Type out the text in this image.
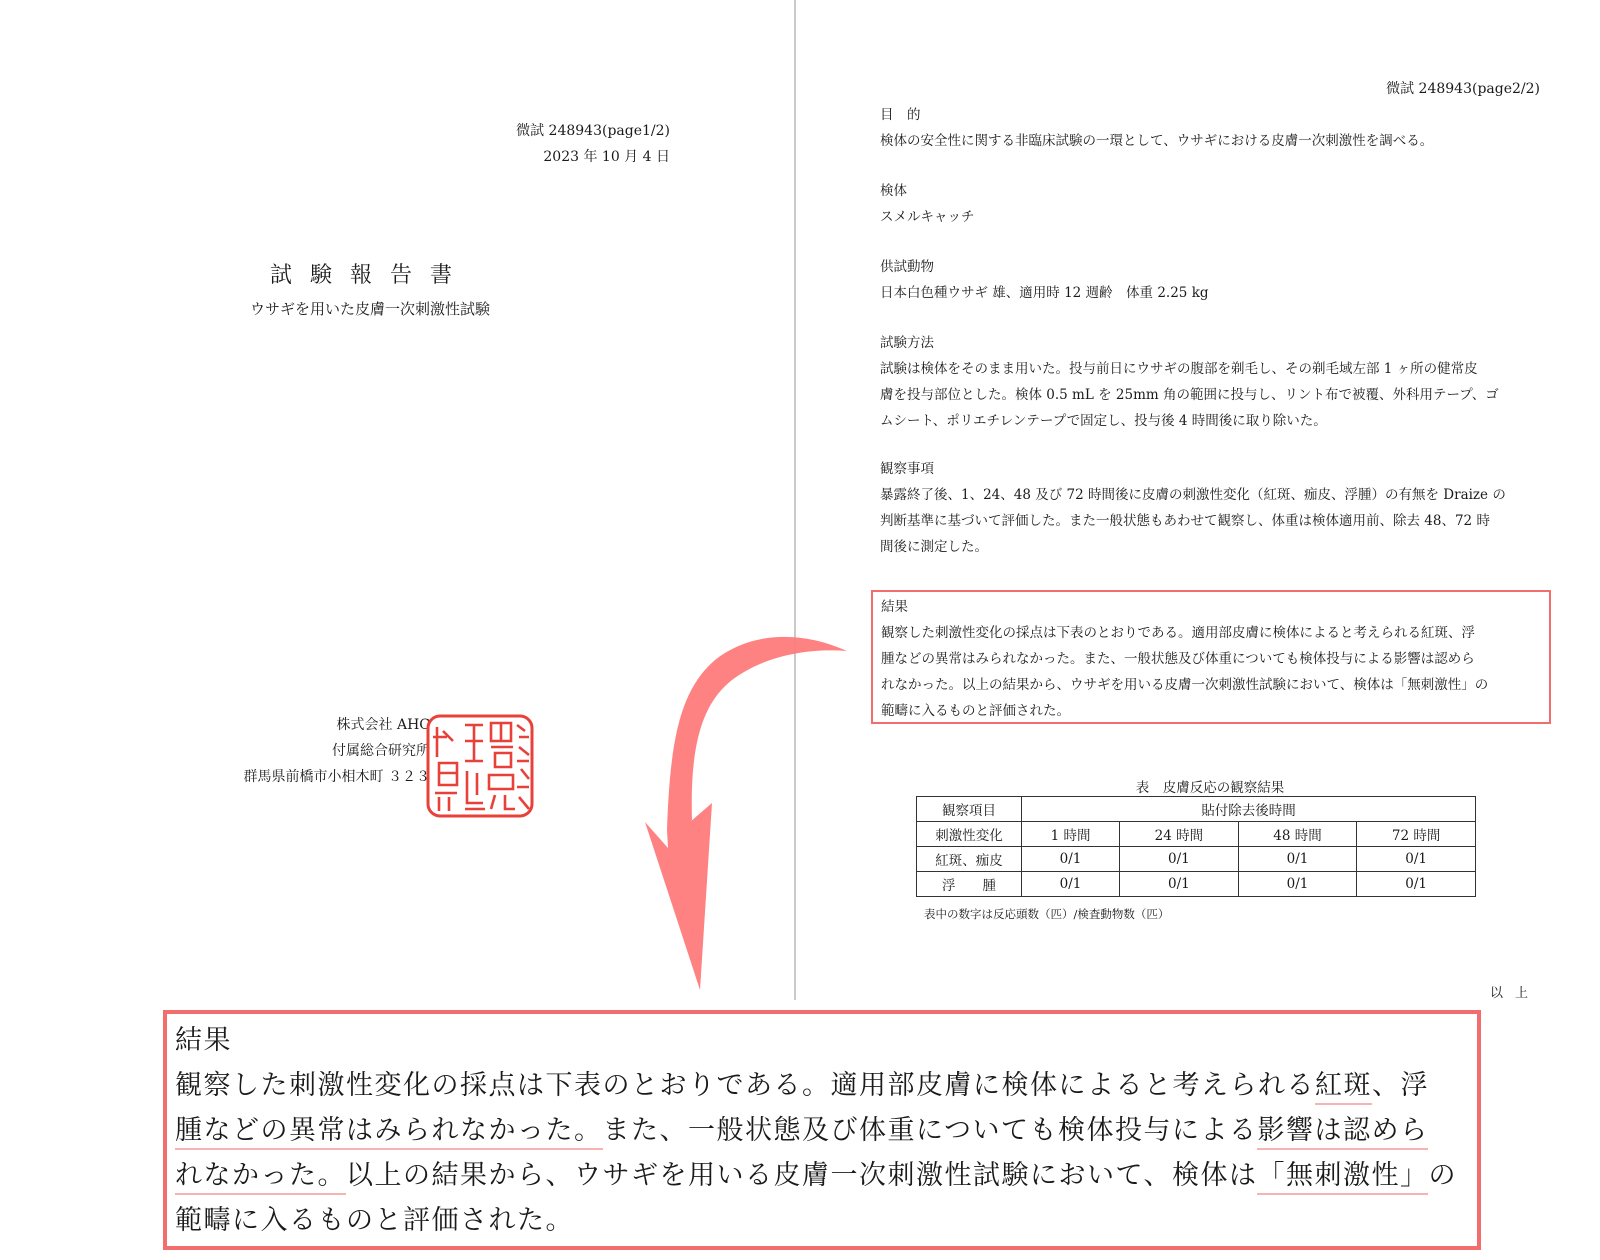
微試 248943(page1/2)
2023 年 10 月 4 日
試験報告書
ウサギを用いた皮膚一次刺激性試験
株式会社 AHC
付属総合研究所
群馬県前橋市小相木町 ３２３
微試 248943(page2/2)
目　的
検体の安全性に関する非臨床試験の一環として、ウサギにおける皮膚一次刺激性を調べる。
検体
スメルキャッチ
供試動物
日本白色種ウサギ 雄、適用時 12 週齢　体重 2.25 kg
試験方法
試験は検体をそのまま用いた。投与前日にウサギの腹部を剃毛し、その剃毛域左部 1 ヶ所の健常皮
膚を投与部位とした。検体 0.5 mL を 25mm 角の範囲に投与し、リント布で被覆、外科用テープ、ゴ
ムシート、ポリエチレンテープで固定し、投与後 4 時間後に取り除いた。
観察事項
暴露終了後、1、24、48 及び 72 時間後に皮膚の刺激性変化（紅斑、痂皮、浮腫）の有無を Draize の
判断基準に基づいて評価した。また一般状態もあわせて観察し、体重は検体適用前、除去 48、72 時
間後に測定した。
結果
観察した刺激性変化の採点は下表のとおりである。適用部皮膚に検体によると考えられる紅斑、浮
腫などの異常はみられなかった。また、一般状態及び体重についても検体投与による影響は認めら
れなかった。以上の結果から、ウサギを用いる皮膚一次刺激性試験において、検体は「無刺激性」の
範疇に入るものと評価された。
表　皮膚反応の観察結果
観察項目	貼付除去後時間			
刺激性変化	1 時間	24 時間	48 時間	72 時間
紅斑、痂皮	0/1	0/1	0/1	0/1
浮　　腫	0/1	0/1	0/1	0/1
表中の数字は反応頭数（匹）/検査動物数（匹）
以上
結果
観察した刺激性変化の採点は下表のとおりである。適用部皮膚に検体によると考えられる紅斑、浮
腫などの異常はみられなかった。また、一般状態及び体重についても検体投与による影響は認めら
れなかった。以上の結果から、ウサギを用いる皮膚一次刺激性試験において、検体は「無刺激性」の
範疇に入るものと評価された。
